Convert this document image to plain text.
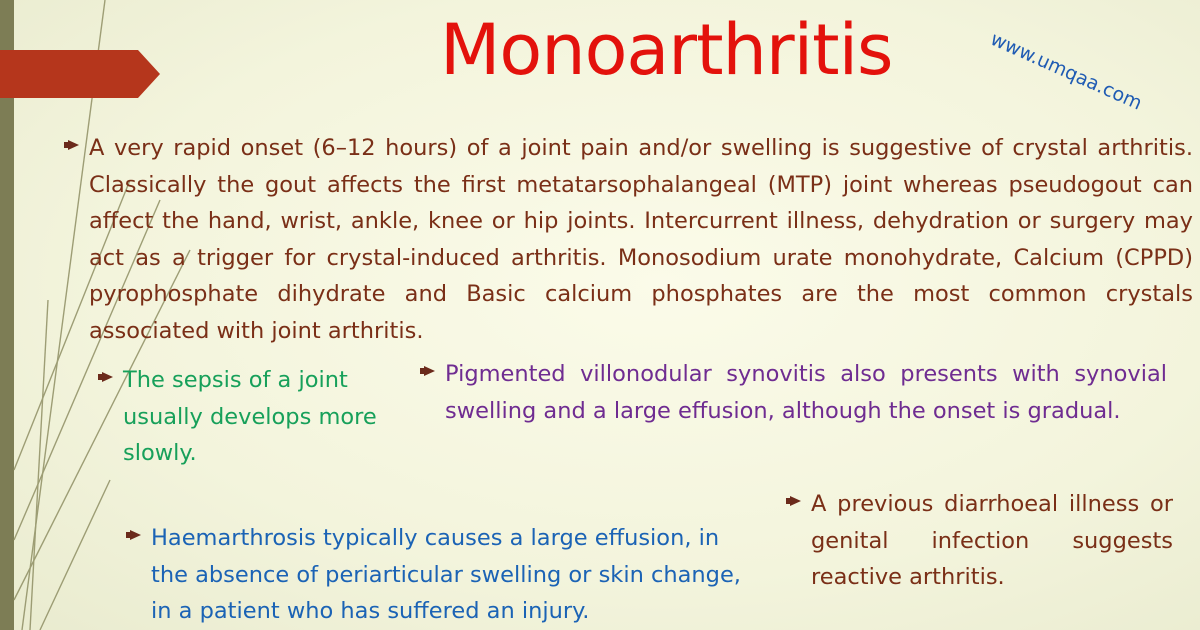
Monoarthritis	www.umqaa.com
A very rapid onset (6–12 hours) of a joint pain and/or swelling is suggestive of crystal arthritis. Classically the gout affects the first metatarsophalangeal (MTP) joint whereas pseudogout can affect the hand, wrist, ankle, knee or hip joints. Intercurrent illness, dehydration or surgery may act as a trigger for crystal-induced arthritis. Monosodium urate monohydrate, Calcium (CPPD) pyrophosphate dihydrate and Basic calcium phosphates are the most common crystals associated with joint arthritis.
The sepsis of a joint usually develops more slowly.
Pigmented villonodular synovitis also presents with synovial swelling and a large effusion, although the onset is gradual.
A previous diarrhoeal illness or genital infection suggests reactive arthritis.
Haemarthrosis typically causes a large effusion, in the absence of periarticular swelling or skin change, in a patient who has suffered an injury.
